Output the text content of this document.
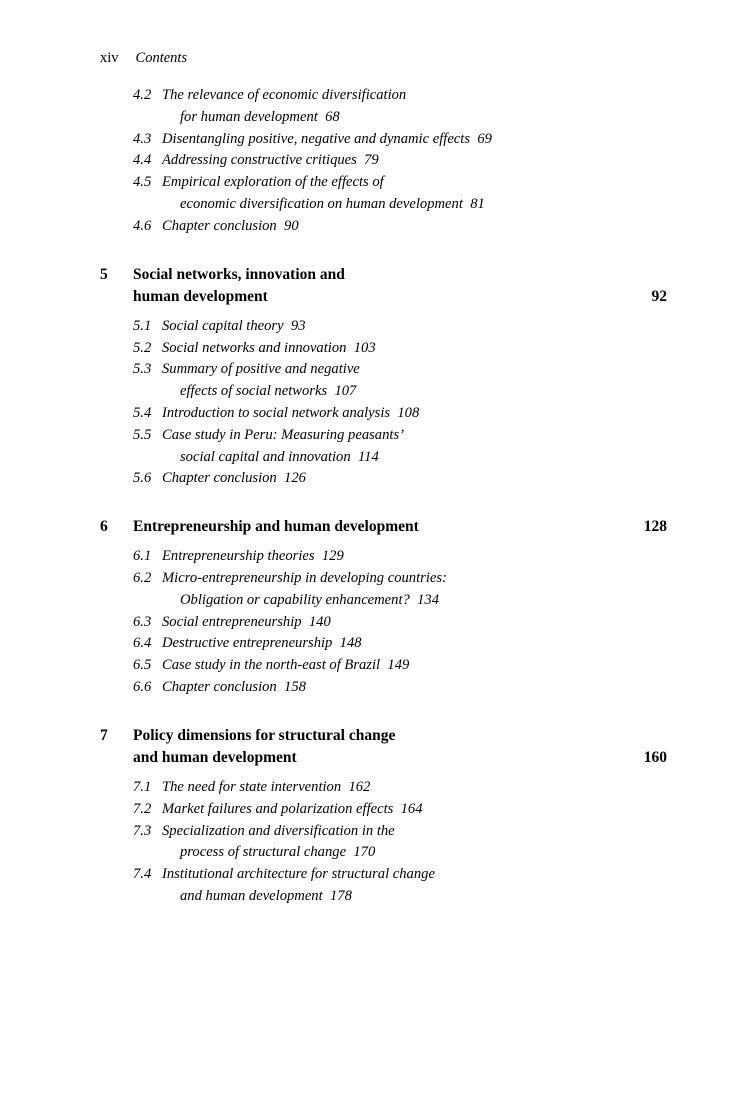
xiv Contents
4.2 The relevance of economic diversification
for human development 68
4.3 Disentangling positive, negative and dynamic effects 69
4.4 Addressing constructive critiques 79
4.5 Empirical exploration of the effects of
economic diversification on human development 81
4.6 Chapter conclusion 90
5	Social networks, innovation and
human development	92
5.1 Social capital theory 93
5.2 Social networks and innovation 103
5.3 Summary of positive and negative
effects of social networks 107
5.4 Introduction to social network analysis 108
5.5 Case study in Peru: Measuring peasants’
social capital and innovation 114
5.6 Chapter conclusion 126
6	Entrepreneurship and human development	128
6.1 Entrepreneurship theories 129
6.2 Micro-entrepreneurship in developing countries:
Obligation or capability enhancement? 134
6.3 Social entrepreneurship 140
6.4 Destructive entrepreneurship 148
6.5 Case study in the north-east of Brazil 149
6.6 Chapter conclusion 158
7	Policy dimensions for structural change
and human development	160
7.1 The need for state intervention 162
7.2 Market failures and polarization effects 164
7.3 Specialization and diversification in the
process of structural change 170
7.4 Institutional architecture for structural change
and human development 178
